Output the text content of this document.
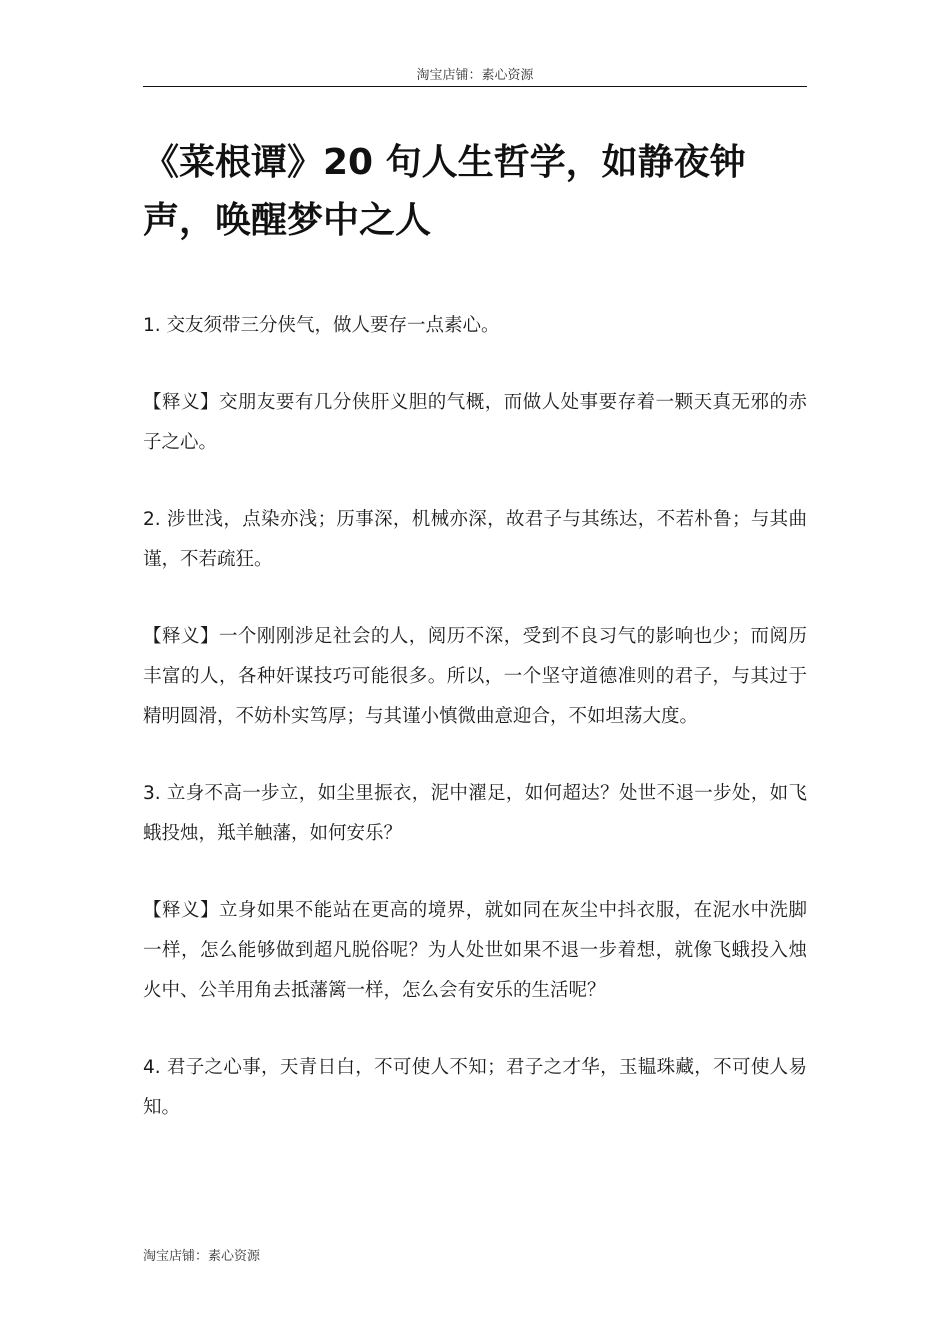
淘宝店铺：素心资源
《菜根谭》20 句人生哲学，如静夜钟声，唤醒梦中之人

1. 交友须带三分侠气，做人要存一点素心。

【释义】交朋友要有几分侠肝义胆的气概，而做人处事要存着一颗天真无邪的赤子之心。

2. 涉世浅，点染亦浅；历事深，机械亦深，故君子与其练达，不若朴鲁；与其曲谨，不若疏狂。

【释义】一个刚刚涉足社会的人，阅历不深，受到不良习气的影响也少；而阅历丰富的人，各种奸谋技巧可能很多。所以，一个坚守道德准则的君子，与其过于精明圆滑，不妨朴实笃厚；与其谨小慎微曲意迎合，不如坦荡大度。

3. 立身不高一步立，如尘里振衣，泥中濯足，如何超达？处世不退一步处，如飞蛾投烛，羝羊触藩，如何安乐？

【释义】立身如果不能站在更高的境界，就如同在灰尘中抖衣服，在泥水中洗脚一样，怎么能够做到超凡脱俗呢？为人处世如果不退一步着想，就像飞蛾投入烛火中、公羊用角去抵藩篱一样，怎么会有安乐的生活呢？

4. 君子之心事，天青日白，不可使人不知；君子之才华，玉韫珠藏，不可使人易知。

淘宝店铺：素心资源
